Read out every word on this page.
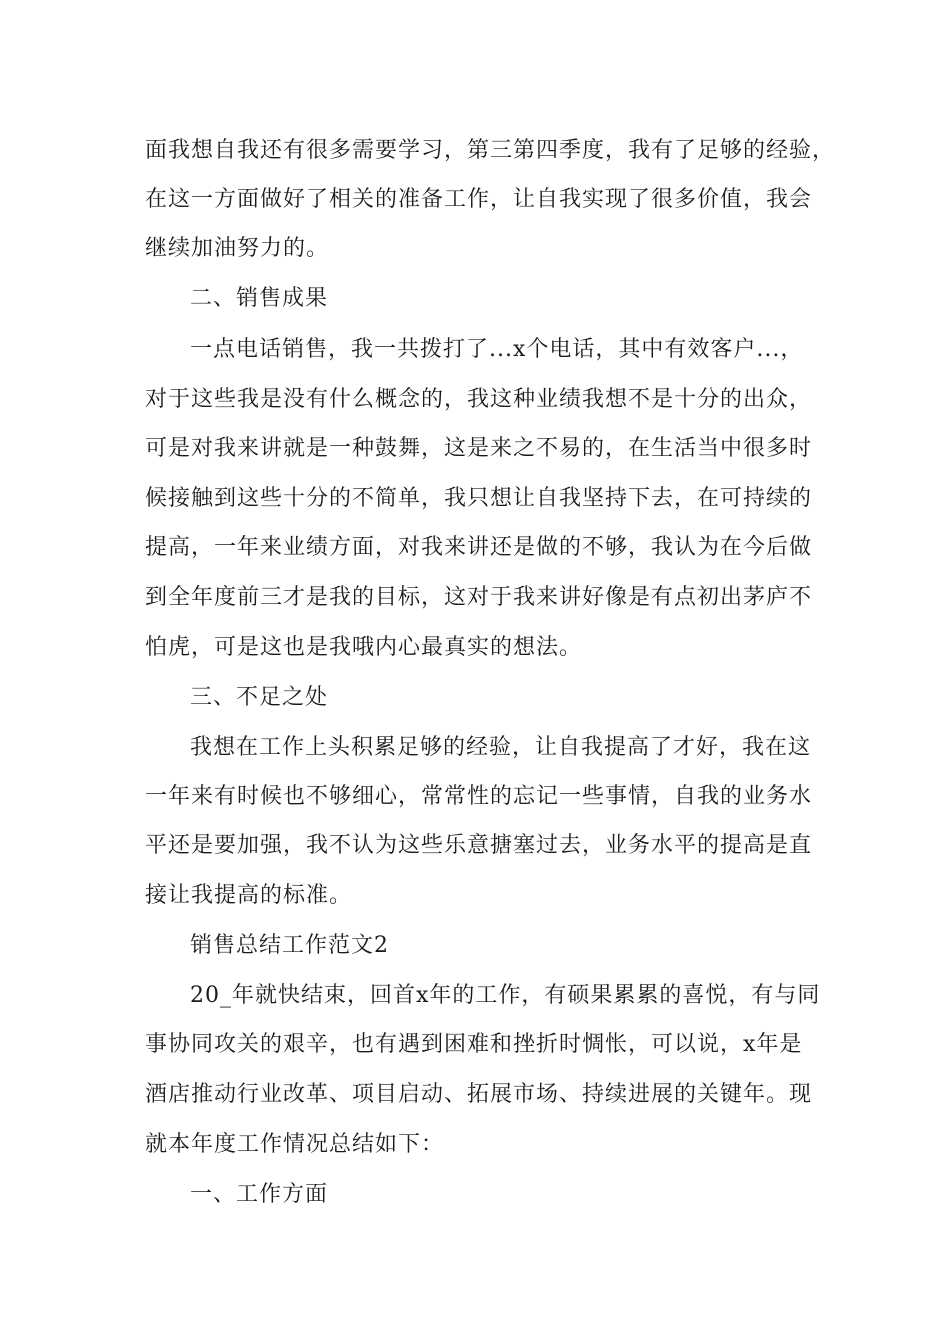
面我想自我还有很多需要学习，第三第四季度，我有了足够的经验，
在这一方面做好了相关的准备工作，让自我实现了很多价值，我会
继续加油努力的。
二、销售成果
一点电话销售，我一共拨打了...x个电话，其中有效客户...，
对于这些我是没有什么概念的，我这种业绩我想不是十分的出众，
可是对我来讲就是一种鼓舞，这是来之不易的，在生活当中很多时
候接触到这些十分的不简单，我只想让自我坚持下去，在可持续的
提高，一年来业绩方面，对我来讲还是做的不够，我认为在今后做
到全年度前三才是我的目标，这对于我来讲好像是有点初出茅庐不
怕虎，可是这也是我哦内心最真实的想法。
三、不足之处
我想在工作上头积累足够的经验，让自我提高了才好，我在这
一年来有时候也不够细心，常常性的忘记一些事情，自我的业务水
平还是要加强，我不认为这些乐意搪塞过去，业务水平的提高是直
接让我提高的标准。
销售总结工作范文2
20_年就快结束，回首x年的工作，有硕果累累的喜悦，有与同
事协同攻关的艰辛，也有遇到困难和挫折时惆怅，可以说，x年是
酒店推动行业改革、项目启动、拓展市场、持续进展的关键年。现
就本年度工作情况总结如下：
一、工作方面
